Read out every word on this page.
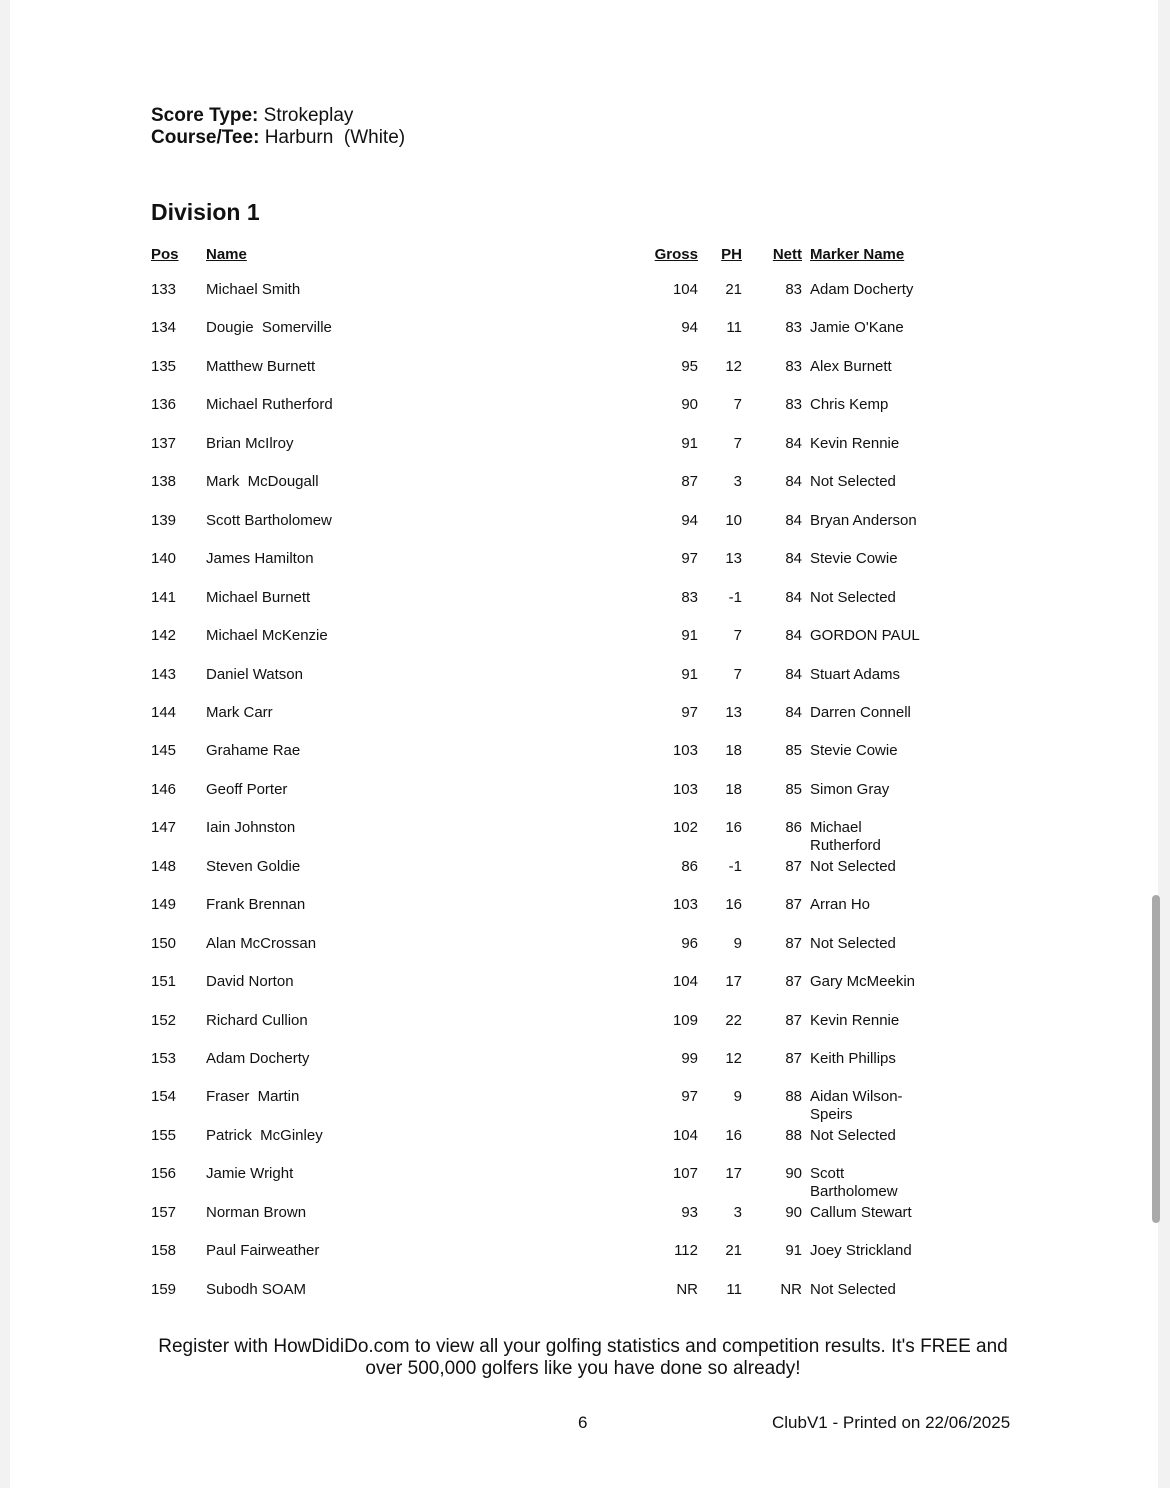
Score Type: Strokeplay
Course/Tee: Harburn  (White)
Division 1
Pos Name	Gross	PH	Nett Marker Name
133 Michael Smith	104	21	83 Adam Docherty
134 Dougie  Somerville	94	11	83 Jamie O'Kane
135 Matthew Burnett	95	12	83 Alex Burnett
136 Michael Rutherford	90	7	83 Chris Kemp
137 Brian McIlroy	91	7	84 Kevin Rennie
138 Mark  McDougall	87	3	84 Not Selected
139 Scott Bartholomew	94	10	84 Bryan Anderson
140 James Hamilton	97	13	84 Stevie Cowie
141 Michael Burnett	83	-1	84 Not Selected
142 Michael McKenzie	91	7	84 GORDON PAUL
143 Daniel Watson	91	7	84 Stuart Adams
144 Mark Carr	97	13	84 Darren Connell
145 Grahame Rae	103	18	85 Stevie Cowie
146 Geoff Porter	103	18	85 Simon Gray
147 Iain Johnston	102	16	86 Michael Rutherford
148 Steven Goldie	86	-1	87 Not Selected
149 Frank Brennan	103	16	87 Arran Ho
150 Alan McCrossan	96	9	87 Not Selected
151 David Norton	104	17	87 Gary McMeekin
152 Richard Cullion	109	22	87 Kevin Rennie
153 Adam Docherty	99	12	87 Keith Phillips
154 Fraser  Martin	97	9	88 Aidan Wilson-Speirs
155 Patrick  McGinley	104	16	88 Not Selected
156 Jamie Wright	107	17	90 Scott Bartholomew
157 Norman Brown	93	3	90 Callum Stewart
158 Paul Fairweather	112	21	91 Joey Strickland
159 Subodh SOAM	NR	11	NR Not Selected
Register with HowDidiDo.com to view all your golfing statistics and competition results. It's FREE and over 500,000 golfers like you have done so already!
6	ClubV1 - Printed on 22/06/2025
